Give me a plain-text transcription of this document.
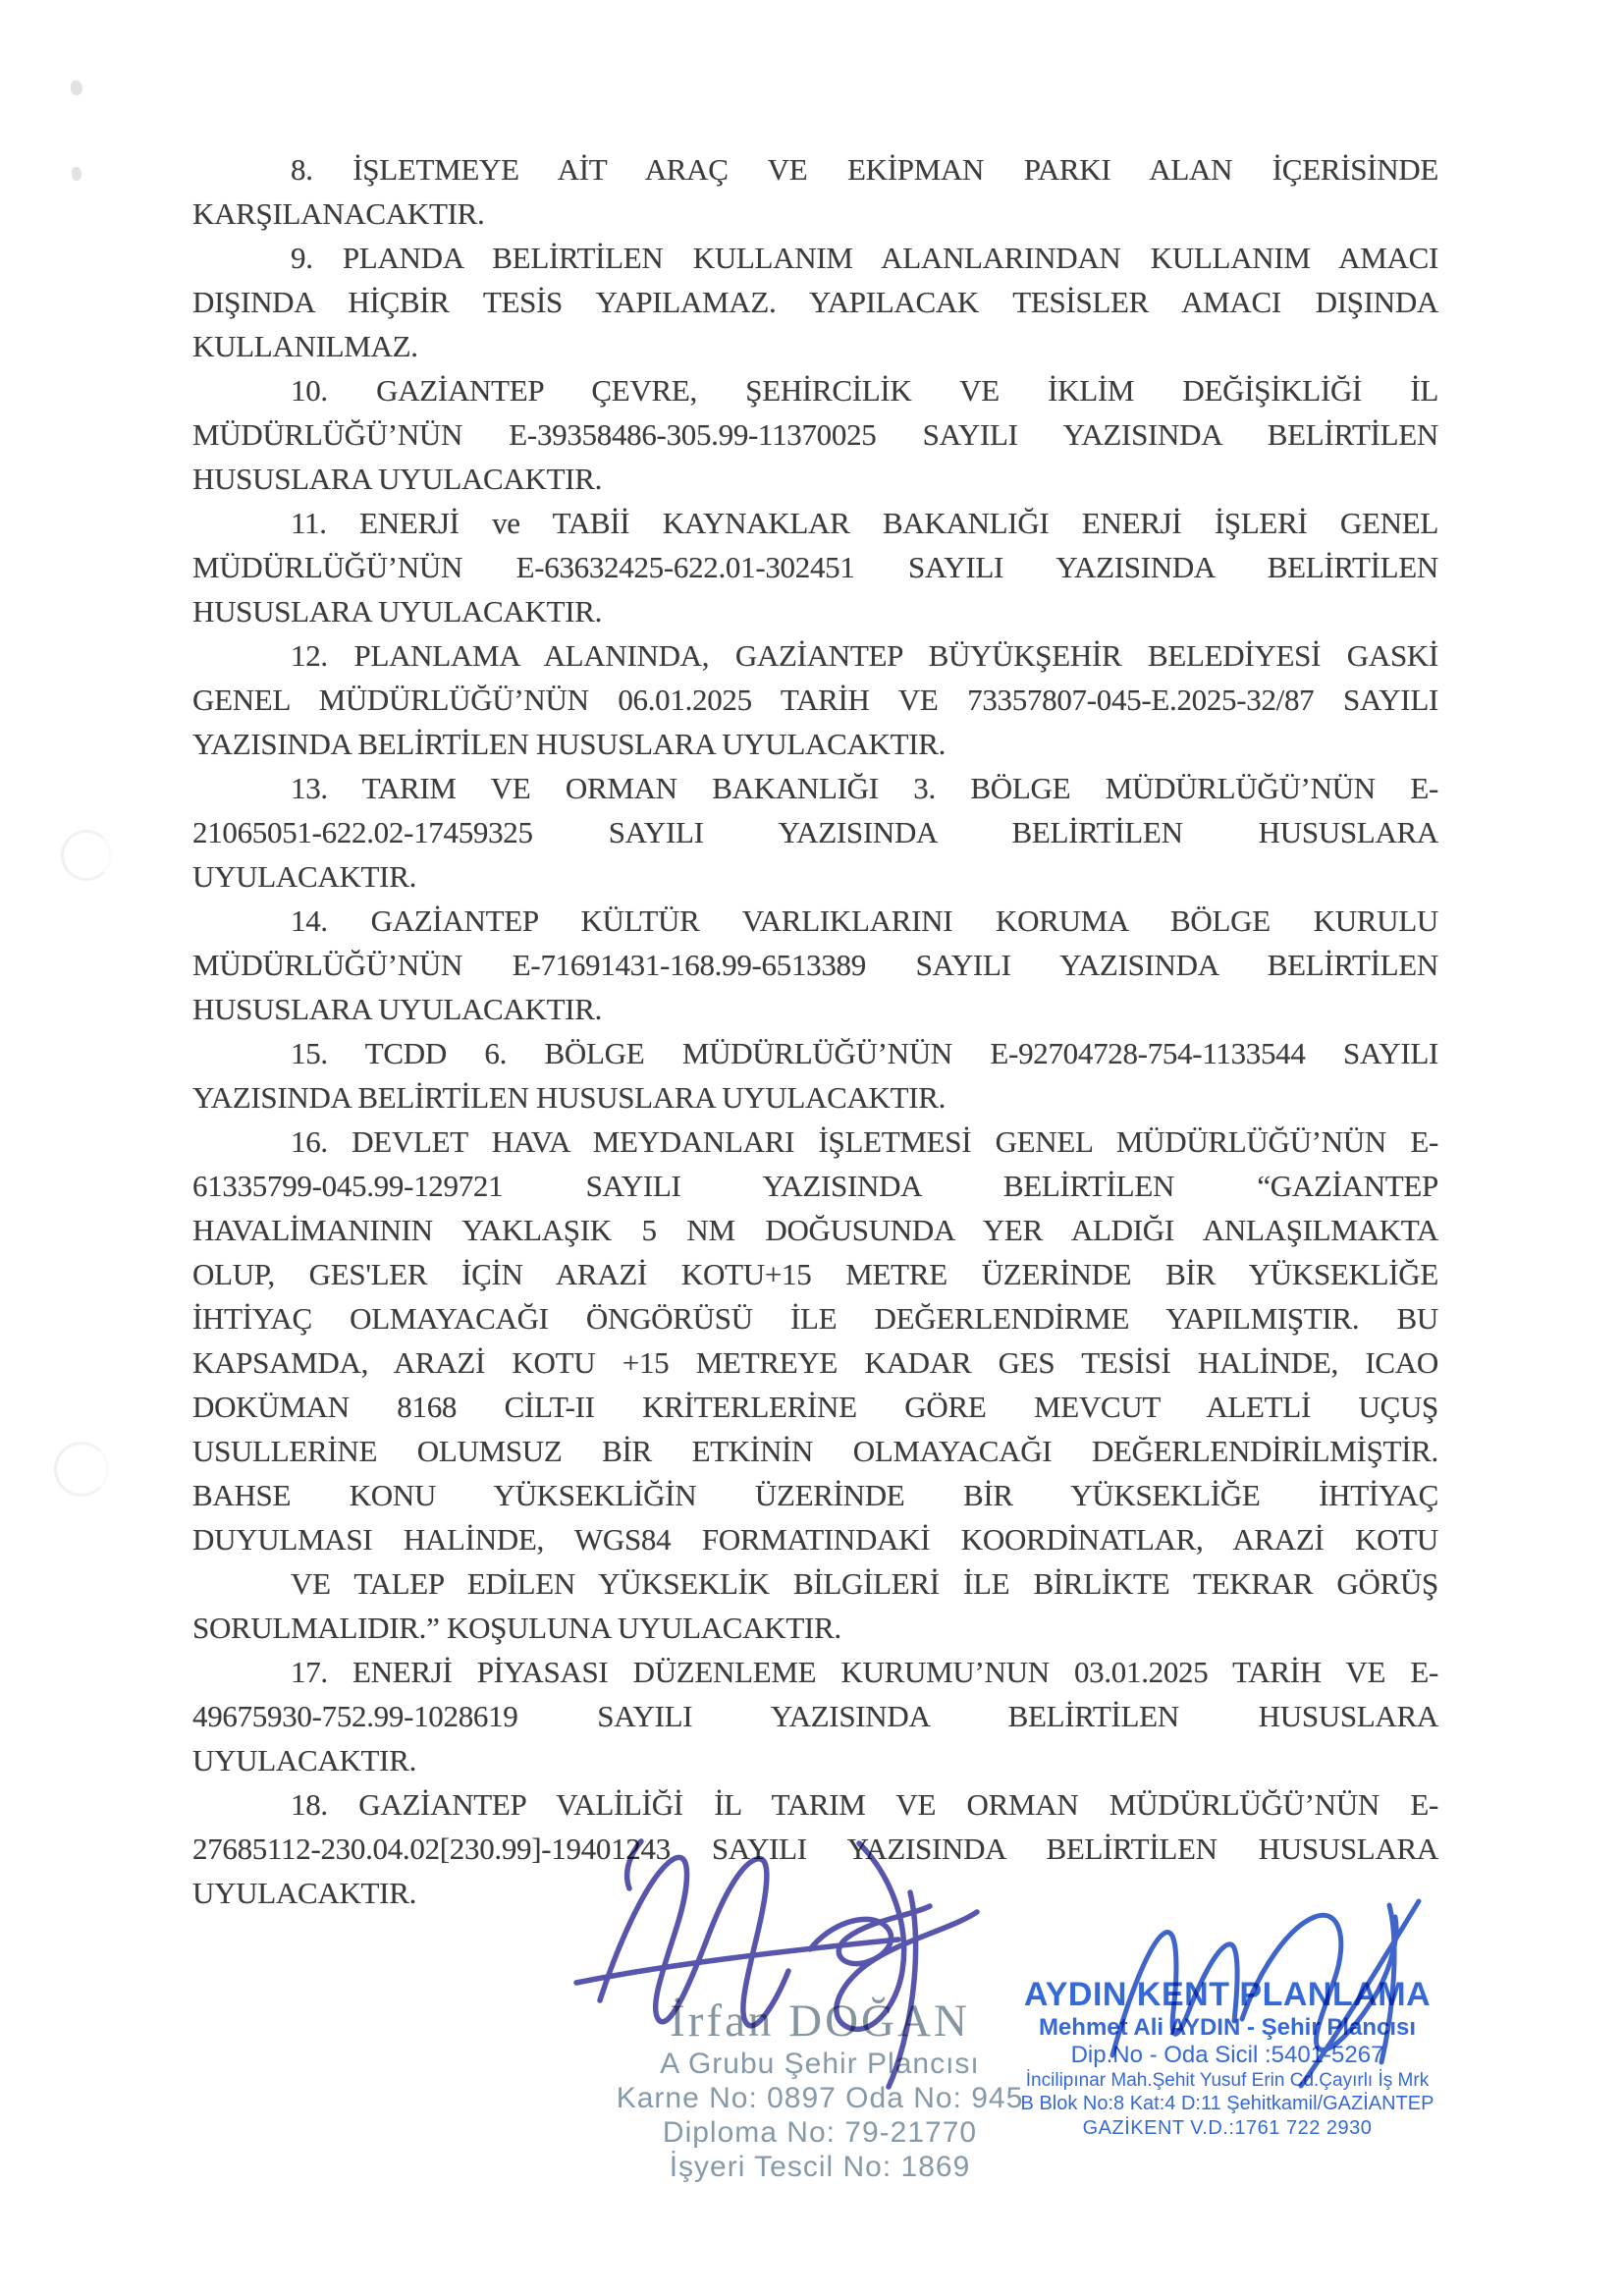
8. İŞLETMEYE AİT ARAÇ VE EKİPMAN PARKI ALAN İÇERİSİNDE
KARŞILANACAKTIR.
9. PLANDA BELİRTİLEN KULLANIM ALANLARINDAN KULLANIM AMACI
DIŞINDA HİÇBİR TESİS YAPILAMAZ. YAPILACAK TESİSLER AMACI DIŞINDA
KULLANILMAZ.
10. GAZİANTEP ÇEVRE, ŞEHİRCİLİK VE İKLİM DEĞİŞİKLİĞİ İL
MÜDÜRLÜĞÜ’NÜN E-39358486-305.99-11370025 SAYILI YAZISINDA BELİRTİLEN
HUSUSLARA UYULACAKTIR.
11. ENERJİ ve TABİİ KAYNAKLAR BAKANLIĞI ENERJİ İŞLERİ GENEL
MÜDÜRLÜĞÜ’NÜN E-63632425-622.01-302451 SAYILI YAZISINDA BELİRTİLEN
HUSUSLARA UYULACAKTIR.
12. PLANLAMA ALANINDA, GAZİANTEP BÜYÜKŞEHİR BELEDİYESİ GASKİ
GENEL MÜDÜRLÜĞÜ’NÜN 06.01.2025 TARİH VE 73357807-045-E.2025-32/87 SAYILI
YAZISINDA BELİRTİLEN HUSUSLARA UYULACAKTIR.
13. TARIM VE ORMAN BAKANLIĞI 3. BÖLGE MÜDÜRLÜĞÜ’NÜN E-
21065051-622.02-17459325 SAYILI YAZISINDA BELİRTİLEN HUSUSLARA
UYULACAKTIR.
14. GAZİANTEP KÜLTÜR VARLIKLARINI KORUMA BÖLGE KURULU
MÜDÜRLÜĞÜ’NÜN E-71691431-168.99-6513389 SAYILI YAZISINDA BELİRTİLEN
HUSUSLARA UYULACAKTIR.
15. TCDD 6. BÖLGE MÜDÜRLÜĞÜ’NÜN E-92704728-754-1133544 SAYILI
YAZISINDA BELİRTİLEN HUSUSLARA UYULACAKTIR.
16. DEVLET HAVA MEYDANLARI İŞLETMESİ GENEL MÜDÜRLÜĞÜ’NÜN E-
61335799-045.99-129721 SAYILI YAZISINDA BELİRTİLEN “GAZİANTEP
HAVALİMANININ YAKLAŞIK 5 NM DOĞUSUNDA YER ALDIĞI ANLAŞILMAKTA
OLUP, GES'LER İÇİN ARAZİ KOTU+15 METRE ÜZERİNDE BİR YÜKSEKLİĞE
İHTİYAÇ OLMAYACAĞI ÖNGÖRÜSÜ İLE DEĞERLENDİRME YAPILMIŞTIR. BU
KAPSAMDA, ARAZİ KOTU +15 METREYE KADAR GES TESİSİ HALİNDE, ICAO
DOKÜMAN 8168 CİLT-II KRİTERLERİNE GÖRE MEVCUT ALETLİ UÇUŞ
USULLERİNE OLUMSUZ BİR ETKİNİN OLMAYACAĞI DEĞERLENDİRİLMİŞTİR.
BAHSE KONU YÜKSEKLİĞİN ÜZERİNDE BİR YÜKSEKLİĞE İHTİYAÇ
DUYULMASI HALİNDE, WGS84 FORMATINDAKİ KOORDİNATLAR, ARAZİ KOTU
VE TALEP EDİLEN YÜKSEKLİK BİLGİLERİ İLE BİRLİKTE TEKRAR GÖRÜŞ
SORULMALIDIR.” KOŞULUNA UYULACAKTIR.
17. ENERJİ PİYASASI DÜZENLEME KURUMU’NUN 03.01.2025 TARİH VE E-
49675930-752.99-1028619 SAYILI YAZISINDA BELİRTİLEN HUSUSLARA
UYULACAKTIR.
18. GAZİANTEP VALİLİĞİ İL TARIM VE ORMAN MÜDÜRLÜĞÜ’NÜN E-
27685112-230.04.02[230.99]-19401243 SAYILI YAZISINDA BELİRTİLEN HUSUSLARA
UYULACAKTIR.
İrfan DOĞAN
A Grubu Şehir Plancısı
Karne No: 0897 Oda No: 945
Diploma No: 79-21770
İşyeri Tescil No: 1869
AYDIN KENT PLANLAMA
Mehmet Ali AYDIN - Şehir Plancısı
Dip.No - Oda Sicil :5401-5267
İncilipınar Mah.Şehit Yusuf Erin Cd.Çayırlı İş Mrk
B Blok No:8 Kat:4 D:11 Şehitkamil/GAZİANTEP
GAZİKENT V.D.:1761 722 2930
